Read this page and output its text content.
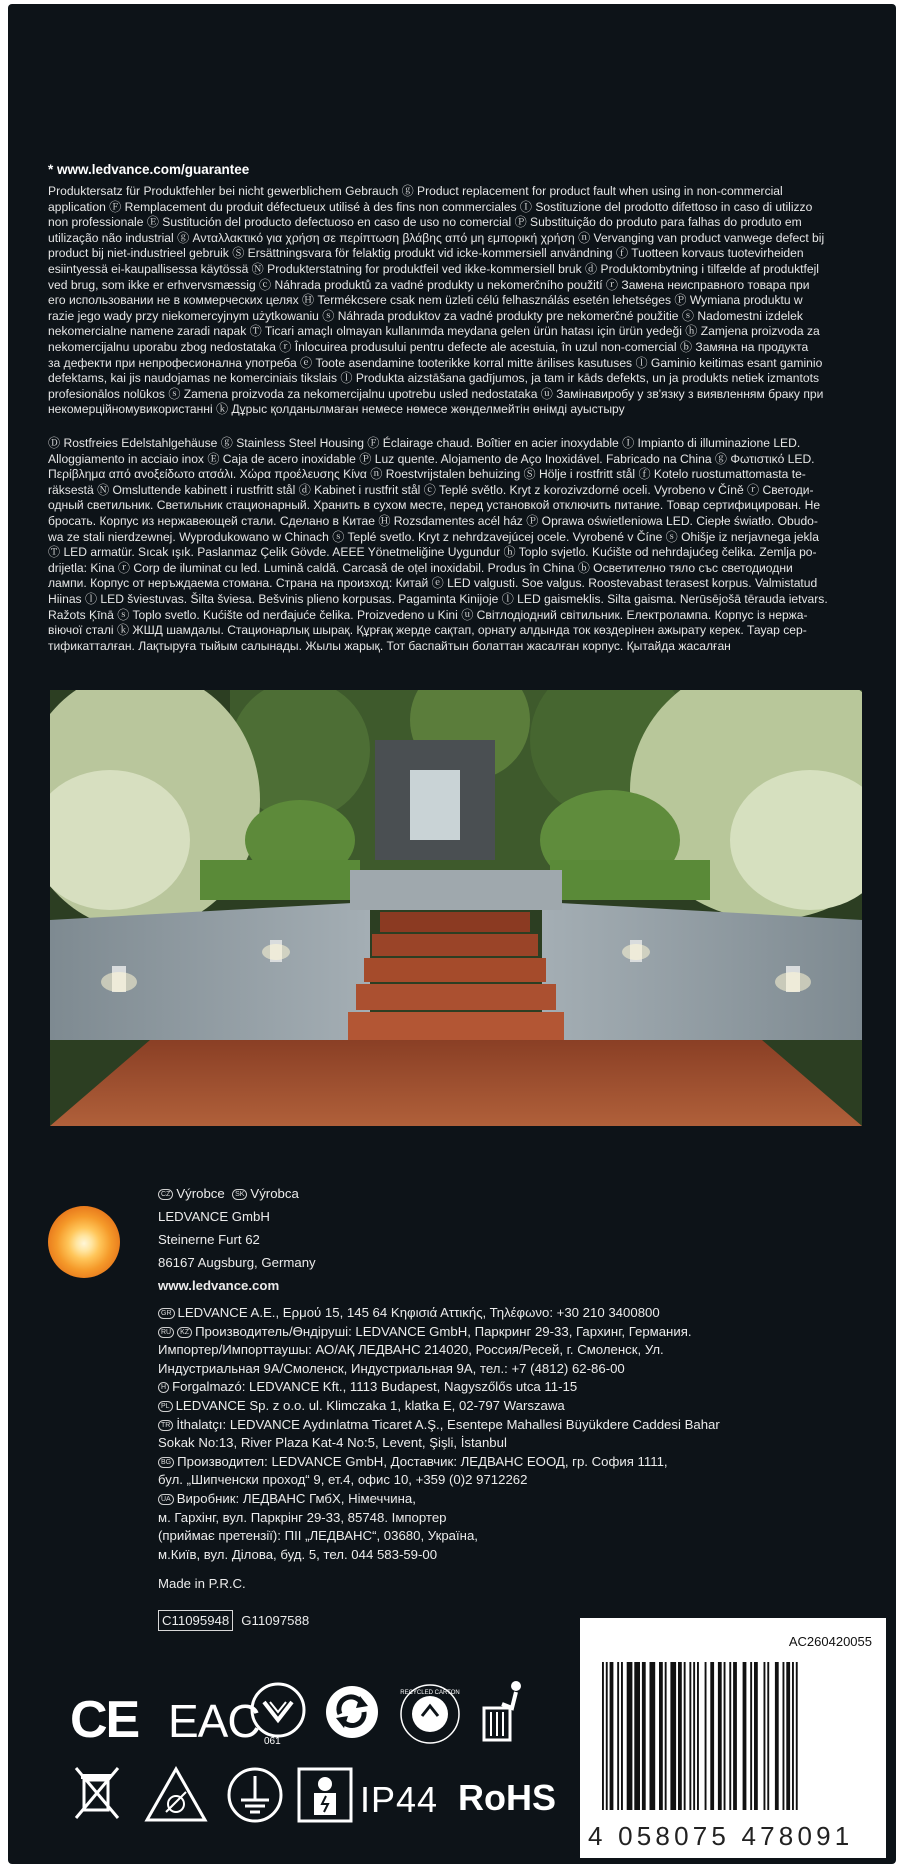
* www.ledvance.com/guarantee
Produktersatz für Produktfehler bei nicht gewerblichem Gebrauch ⓖ Product replacement for product fault when using in non-commercial
application Ⓕ Remplacement du produit défectueux utilisé à des fins non commerciales Ⓘ Sostituzione del prodotto difettoso in caso di utilizzo
non professionale Ⓔ Sustitución del producto defectuoso en caso de uso no comercial Ⓟ Substituição do produto para falhas do produto em
utilização não industrial ⓖ Ανταλλακτικό για χρήση σε περίπτωση βλάβης από μη εμπορική χρήση ⓝ Vervanging van product vanwege defect bij
product bij niet-industrieel gebruik Ⓢ Ersättningsvara för felaktig produkt vid icke-kommersiell användning ⓕ Tuotteen korvaus tuotevirheiden
esiintyessä ei-kaupallisessa käytössä Ⓝ Produkterstatning for produktfeil ved ikke-kommersiell bruk ⓓ Produktombytning i tilfælde af produktfejl
ved brug, som ikke er erhvervsmæssig ⓒ Náhrada produktů za vadné produkty u nekomerčního použití ⓡ Замена неисправного товара при
его использовании не в коммерческих целях Ⓗ Termékcsere csak nem üzleti célú felhasználás esetén lehetséges Ⓟ Wymiana produktu w
razie jego wady przy niekomercyjnym użytkowaniu ⓢ Náhrada produktov za vadné produkty pre nekomerčné použitie ⓢ Nadomestni izdelek
nekomercialne namene zaradi napak Ⓣ Ticari amaçlı olmayan kullanımda meydana gelen ürün hatası için ürün yedeği ⓗ Zamjena proizvoda za
nekomercijalnu uporabu zbog nedostataka ⓡ Înlocuirea produsului pentru defecte ale acestuia, în uzul non-comercial ⓑ Замяна на продукта
за дефекти при непрофесионална употреба ⓔ Toote asendamine tooterikke korral mitte ärilises kasutuses ⓛ Gaminio keitimas esant gaminio
defektams, kai jis naudojamas ne komerciniais tikslais ⓛ Produkta aizstāšana gadījumos, ja tam ir kāds defekts, un ja produkts netiek izmantots
profesionālos nolūkos ⓢ Zamena proizvoda za nekomercijalnu upotrebu usled nedostataka ⓤ Замінавиробу у зв'язку з виявленням браку при
некомерційномувикористанні ⓚ Дұрыс қолданылмаған немесе нөмесе жөнделмейтін өнімді ауыстыру
Ⓓ Rostfreies Edelstahlgehäuse ⓖ Stainless Steel Housing Ⓕ Éclairage chaud. Boîtier en acier inoxydable Ⓘ Impianto di illuminazione LED.
Alloggiamento in acciaio inox Ⓔ Caja de acero inoxidable Ⓟ Luz quente. Alojamento de Aço Inoxidável. Fabricado na China ⓖ Φωτιστικό LED.
Περίβλημα από ανοξείδωτο ατσάλι. Χώρα προέλευσης Κίνα ⓝ Roestvrijstalen behuizing Ⓢ Hölje i rostfritt stål ⓕ Kotelo ruostumattomasta te-
räksestä Ⓝ Omsluttende kabinett i rustfritt stål ⓓ Kabinet i rustfrit stål ⓒ Teplé světlo. Kryt z korozivzdorné oceli. Vyrobeno v Číně ⓡ Светоди-
одный светильник. Светильник стационарный. Хранить в сухом месте, перед установкой отключить питание. Товар сертифицирован. Не
бросать. Корпус из нержавеющей стали. Сделано в Китае Ⓗ Rozsdamentes acél ház Ⓟ Oprawa oświetleniowa LED. Ciepłe światło. Obudo-
wa ze stali nierdzewnej. Wyprodukowano w Chinach ⓢ Teplé svetlo. Kryt z nehrdzavejúcej ocele. Vyrobené v Číne ⓢ Ohišje iz nerjavnega jekla
Ⓣ LED armatür. Sıcak ışık. Paslanmaz Çelik Gövde. AEEE Yönetmeliğine Uygundur ⓗ Toplo svjetlo. Kućište od nehrdajućeg čelika. Zemlja po-
drijetla: Kina ⓡ Corp de iluminat cu led. Lumină caldă. Carcasă de oțel inoxidabil. Produs în China ⓑ Осветително тяло със светодиодни
лампи. Корпус от неръждаема стомана. Страна на произход: Китай ⓔ LED valgusti. Soe valgus. Roostevabast terasest korpus. Valmistatud
Hiinas ⓛ LED šviestuvas. Šilta šviesa. Bešvinis plieno korpusas. Pagaminta Kinijoje ⓛ LED gaismeklis. Silta gaisma. Nerūsējošā tērauda ietvars.
Ražots Ķīnā ⓢ Toplo svetlo. Kućište od nerđajuće čelika. Proizvedeno u Kini ⓤ Світлодіодний світильник. Електролампа. Корпус із нержа-
віючої сталі ⓚ ЖШД шамдалы. Стационарлық шырақ. Құрғақ жерде сақтап, орнату алдында ток көздерінен ажырату керек. Тауар сер-
тификатталған. Лақтыруға тыйым салынады. Жылы жарық. Тот баспайтын болаттан жасалған корпус. Қытайда жасалған
CZ Výrobce SK Výrobca
LEDVANCE GmbH
Steinerne Furt 62
86167 Augsburg, Germany
www.ledvance.com
GR LEDVANCE A.E., Ερμού 15, 145 64 Κηφισιά Αττικής, Τηλέφωνο: +30 210 3400800
RU KZ Производитель/Өндіруші: LEDVANCE GmbH, Паркринг 29-33, Гархинг, Германия.
Импортер/Импорттаушы: АО/АҚ ЛЕДВАНС 214020, Россия/Ресей, г. Смоленск, Ул.
Индустриальная 9А/Смоленск, Индустриальная 9А, тел.: +7 (4812) 62-86-00
H Forgalmazó: LEDVANCE Kft., 1113 Budapest, Nagyszőlős utca 11-15
PL LEDVANCE Sp. z o.o. ul. Klimczaka 1, klatka E, 02-797 Warszawa
TR İthalatçı: LEDVANCE Aydınlatma Ticaret A.Ş., Esentepe Mahallesi Büyükdere Caddesi Bahar
Sokak No:13, River Plaza Kat-4 No:5, Levent, Şişli, İstanbul
BG Производител: LEDVANCE GmbH, Доставчик: ЛЕДВАНС ЕООД, гр. София 1111,
бул. „Шипченски проход“ 9, ет.4, офис 10, +359 (0)2 9712262
UA Виробник: ЛЕДВАНС ГмбХ, Німеччина,
м. Гархінг, вул. Паркрінг 29-33, 85748. Імпортер
(приймає претензії): ПІІ „ЛЕДВАНС“, 03680, Україна,
м.Київ, вул. Ділова, буд. 5, тел. 044 583-59-00
Made in P.R.C.
C11095948 G11097588
AC260420055
4 058075 478091
CE EAC 061
RECYCLED CARTON
IP44 RoHS
